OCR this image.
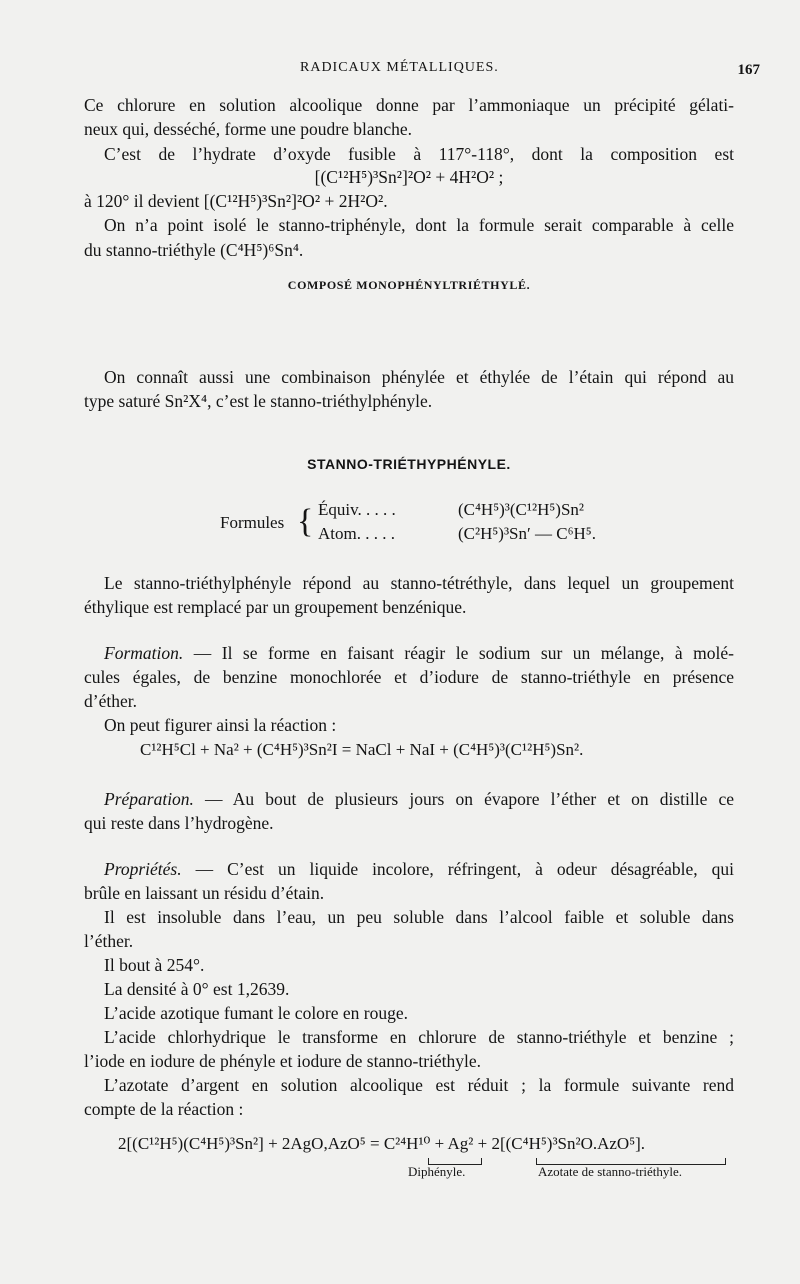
RADICAUX MÉTALLIQUES.	167
Ce chlorure en solution alcoolique donne par l’ammoniaque un précipité gélati-
neux qui, desséché, forme une poudre blanche.
C’est de l’hydrate d’oxyde fusible à 117°-118°, dont la composition est
[(C¹²H⁵)³Sn²]²O² + 4H²O² ;
à 120° il devient [(C¹²H⁵)³Sn²]²O² + 2H²O².
On n’a point isolé le stanno-triphényle, dont la formule serait comparable à celle
du stanno-triéthyle (C⁴H⁵)⁶Sn⁴.
COMPOSÉ MONOPHÉNYLTRIÉTHYLÉ.
On connaît aussi une combinaison phénylée et éthylée de l’étain qui répond au
type saturé Sn²X⁴, c’est le stanno-triéthylphényle.
STANNO-TRIÉTHYPHÉNYLE.
Formules { Équiv. . . . .	(C⁴H⁵)³(C¹²H⁵)Sn²
Atom. . . . .	(C²H⁵)³Sn′ — C⁶H⁵.
Le stanno-triéthylphényle répond au stanno-tétréthyle, dans lequel un groupement
éthylique est remplacé par un groupement benzénique.
Formation. — Il se forme en faisant réagir le sodium sur un mélange, à molé-
cules égales, de benzine monochlorée et d’iodure de stanno-triéthyle en présence
d’éther.
On peut figurer ainsi la réaction :
C¹²H⁵Cl + Na² + (C⁴H⁵)³Sn²I = NaCl + NaI + (C⁴H⁵)³(C¹²H⁵)Sn².
Préparation. — Au bout de plusieurs jours on évapore l’éther et on distille ce
qui reste dans l’hydrogène.
Propriétés. — C’est un liquide incolore, réfringent, à odeur désagréable, qui
brûle en laissant un résidu d’étain.
Il est insoluble dans l’eau, un peu soluble dans l’alcool faible et soluble dans
l’éther.
Il bout à 254°.
La densité à 0° est 1,2639.
L’acide azotique fumant le colore en rouge.
L’acide chlorhydrique le transforme en chlorure de stanno-triéthyle et benzine ;
l’iode en iodure de phényle et iodure de stanno-triéthyle.
L’azotate d’argent en solution alcoolique est réduit ; la formule suivante rend
compte de la réaction :
2[(C¹²H⁵)(C⁴H⁵)³Sn²] + 2AgO,AzO⁵ = C²⁴H¹⁰ + Ag² + 2[(C⁴H⁵)³Sn²O.AzO⁵].
Diphényle.	Azotate de stanno-triéthyle.
